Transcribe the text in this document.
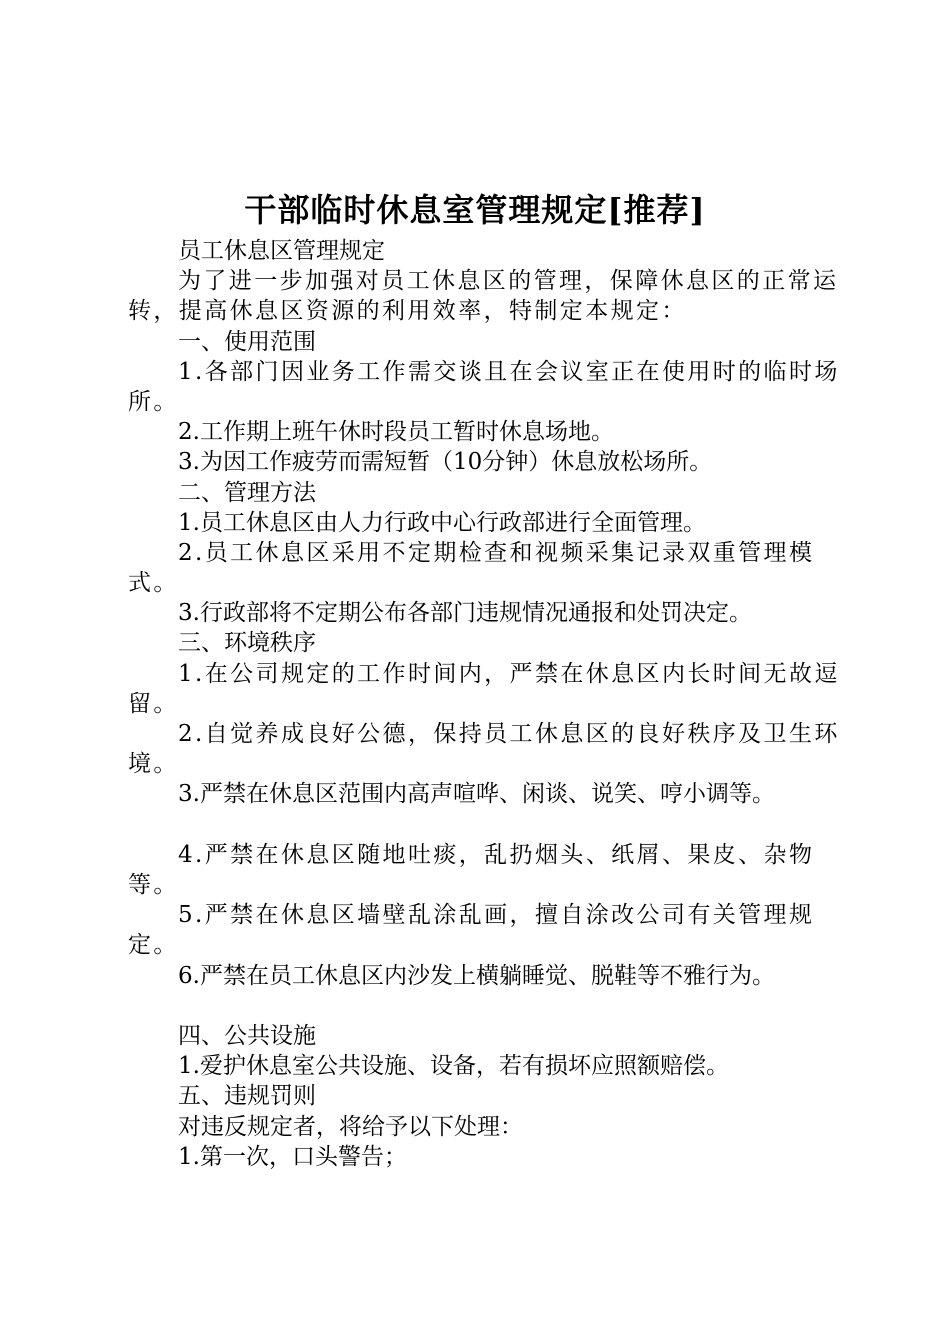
干部临时休息室管理规定[推荐]
员工休息区管理规定
为了进一步加强对员工休息区的管理，保障休息区的正常运转，提高休息区资源的利用效率，特制定本规定：
一、使用范围
1.各部门因业务工作需交谈且在会议室正在使用时的临时场所。
2.工作期上班午休时段员工暂时休息场地。
3.为因工作疲劳而需短暂（10分钟）休息放松场所。
二、管理方法
1.员工休息区由人力行政中心行政部进行全面管理。
2.员工休息区采用不定期检查和视频采集记录双重管理模式。
3.行政部将不定期公布各部门违规情况通报和处罚决定。
三、环境秩序
1.在公司规定的工作时间内，严禁在休息区内长时间无故逗留。
2.自觉养成良好公德，保持员工休息区的良好秩序及卫生环境。
3.严禁在休息区范围内高声喧哗、闲谈、说笑、哼小调等。
4.严禁在休息区随地吐痰，乱扔烟头、纸屑、果皮、杂物等。
5.严禁在休息区墙壁乱涂乱画，擅自涂改公司有关管理规定。
6.严禁在员工休息区内沙发上横躺睡觉、脱鞋等不雅行为。
四、公共设施
1.爱护休息室公共设施、设备，若有损坏应照额赔偿。
五、违规罚则
对违反规定者，将给予以下处理：
1.第一次，口头警告；
